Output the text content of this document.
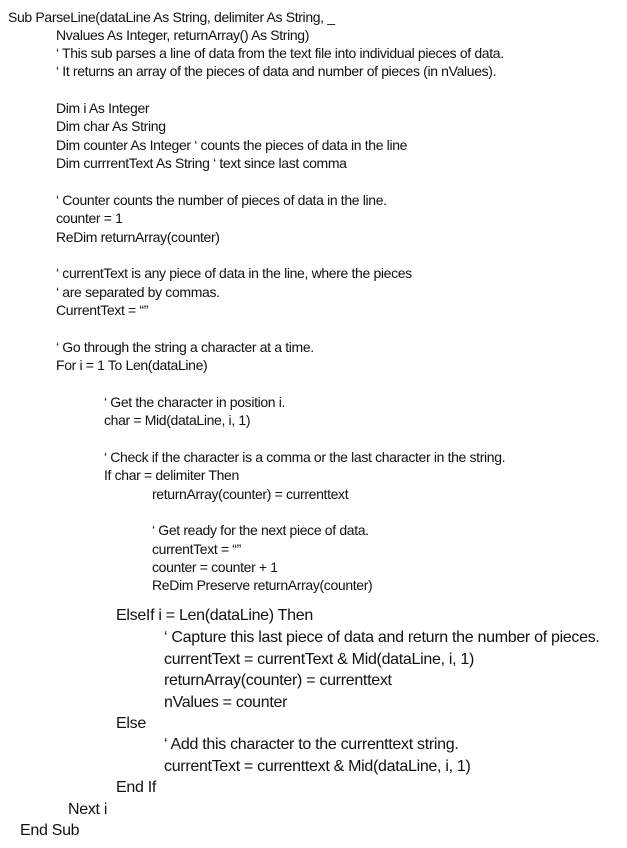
Sub ParseLine(dataLine As String, delimiter As String, _
Nvalues As Integer, returnArray() As String)
‘ This sub parses a line of data from the text file into individual pieces of data.
‘ It returns an array of the pieces of data and number of pieces (in nValues).
Dim i As Integer
Dim char As String
Dim counter As Integer ‘ counts the pieces of data in the line
Dim currrentText As String ‘ text since last comma
‘ Counter counts the number of pieces of data in the line.
counter = 1
ReDim returnArray(counter)
‘ currentText is any piece of data in the line, where the pieces
‘ are separated by commas.
CurrentText = “”
‘ Go through the string a character at a time.
For i = 1 To Len(dataLine)
‘ Get the character in position i.
char = Mid(dataLine, i, 1)
‘ Check if the character is a comma or the last character in the string.
If char = delimiter Then
returnArray(counter) = currenttext
‘ Get ready for the next piece of data.
currentText = “”
counter = counter + 1
ReDim Preserve returnArray(counter)
ElseIf i = Len(dataLine) Then
‘ Capture this last piece of data and return the number of pieces.
currentText = currentText & Mid(dataLine, i, 1)
returnArray(counter) = currenttext
nValues = counter
Else
‘ Add this character to the currenttext string.
currentText = currenttext & Mid(dataLine, i, 1)
End If
Next i
End Sub
